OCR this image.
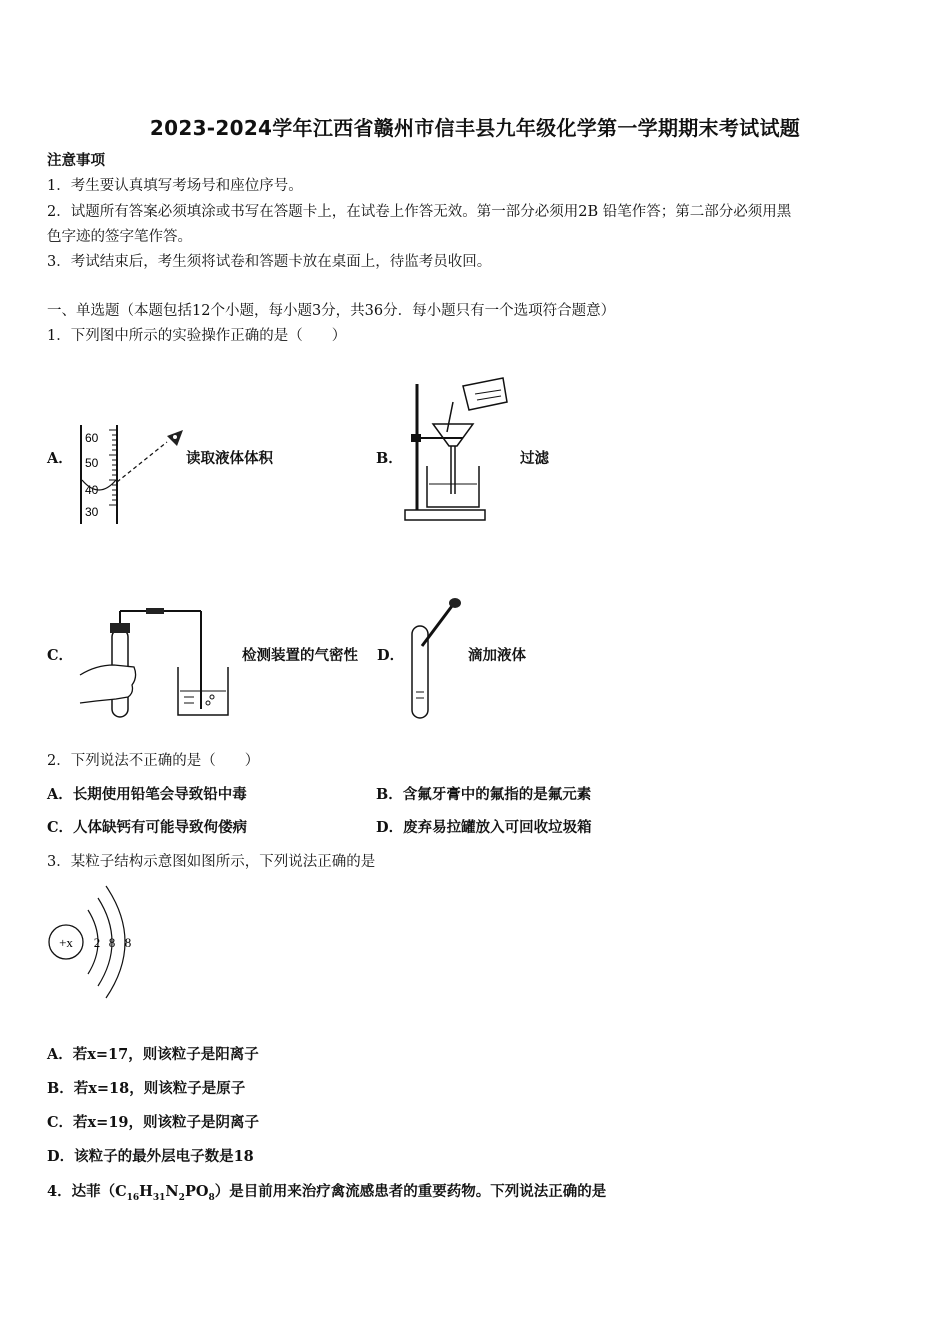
2023-2024学年江西省赣州市信丰县九年级化学第一学期期末考试试题
注意事项
1．考生要认真填写考场号和座位序号。
2．试题所有答案必须填涂或书写在答题卡上，在试卷上作答无效。第一部分必须用2B 铅笔作答；第二部分必须用黑
色字迹的签字笔作答。
3．考试结束后，考生须将试卷和答题卡放在桌面上，待监考员收回。
一、单选题（本题包括12个小题，每小题3分，共36分．每小题只有一个选项符合题意）
1．下列图中所示的实验操作正确的是（　　）
A．
60
50
40
30
读取液体体积	B．	过滤
C．	检测装置的气密性 D．	滴加液体
2．下列说法不正确的是（　　）
A．长期使用铅笔会导致铅中毒	B．含氟牙膏中的氟指的是氟元素
C．人体缺钙有可能导致佝偻病	D．废弃易拉罐放入可回收垃圾箱
3．某粒子结构示意图如图所示，下列说法正确的是
+x 2 8 8
A．若x=17，则该粒子是阳离子
B．若x=18，则该粒子是原子
C．若x=19，则该粒子是阴离子
D．该粒子的最外层电子数是18
4．达菲$(C_{16}H_{31}N_2PO_8)$是目前用来治疗禽流感患者的重要药物。下列说法正确的是
